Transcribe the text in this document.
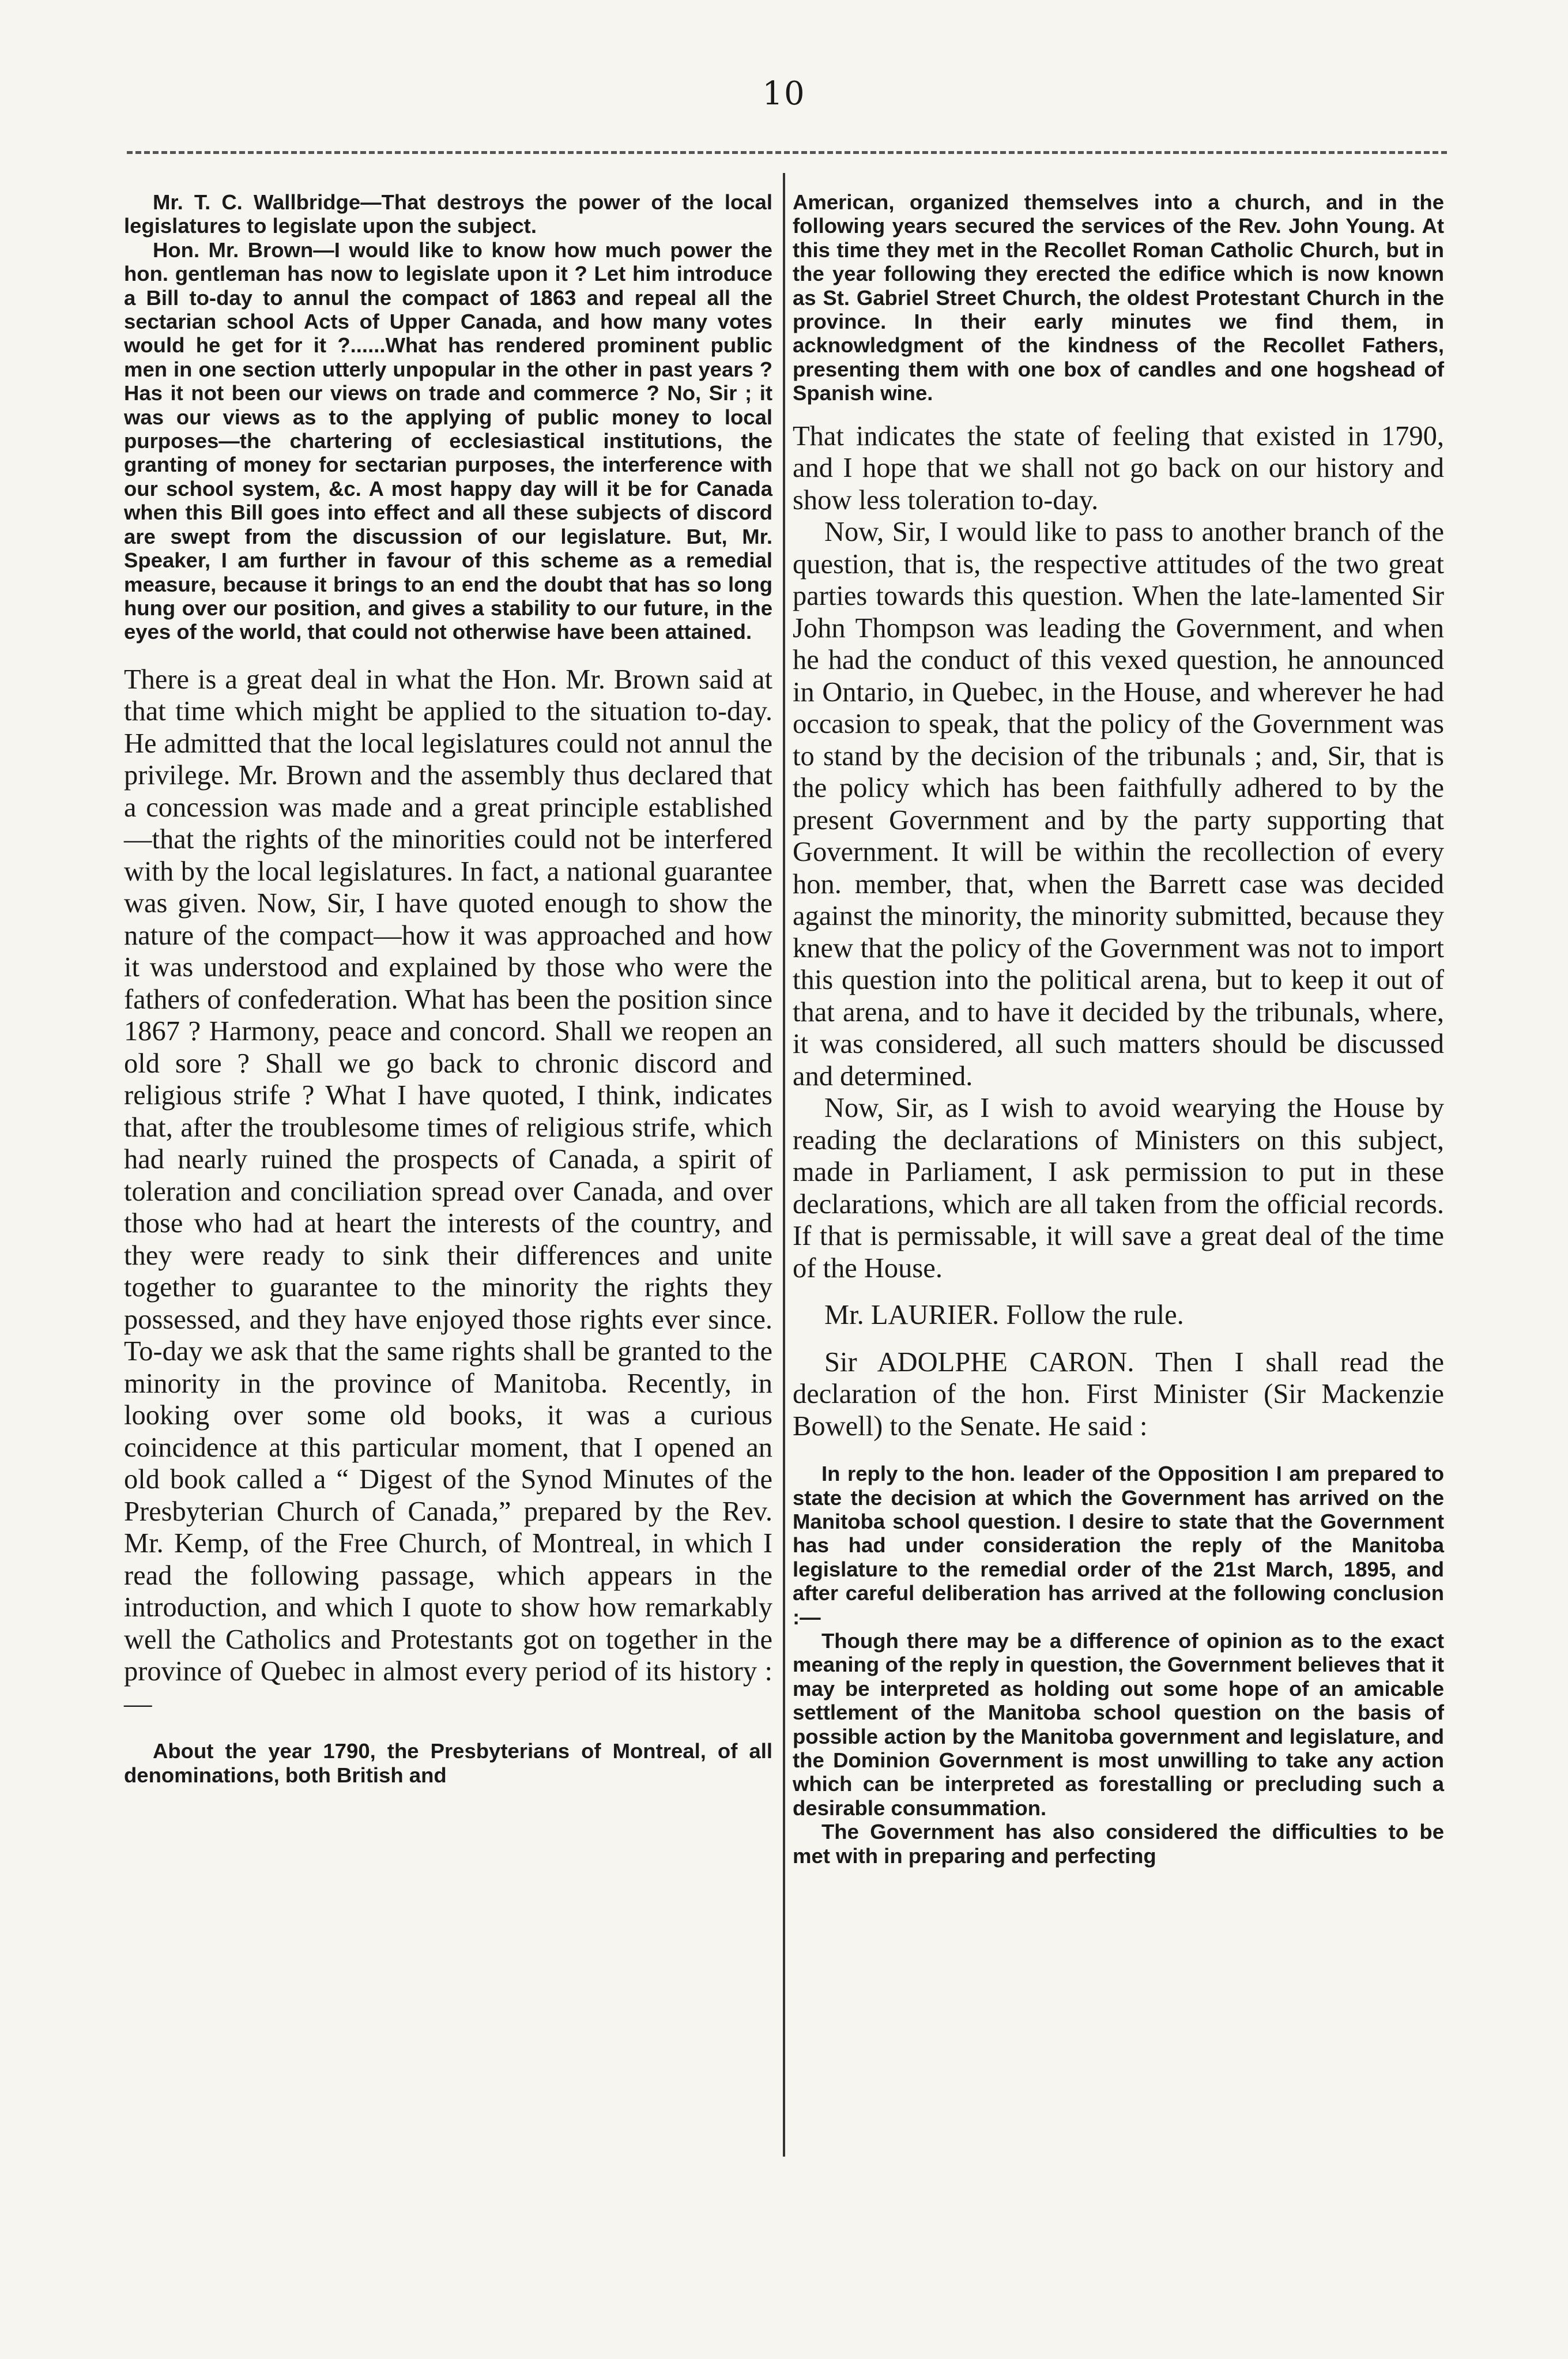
10

Mr. T. C. Wallbridge—That destroys the power of the local legislatures to legislate upon the subject.

Hon. Mr. Brown—I would like to know how much power the hon. gentleman has now to legislate upon it ? Let him introduce a Bill to-day to annul the compact of 1863 and repeal all the sectarian school Acts of Upper Canada, and how many votes would he get for it ?......What has rendered prominent public men in one section utterly unpopular in the other in past years ? Has it not been our views on trade and commerce ? No, Sir ; it was our views as to the applying of public money to local purposes—the chartering of ecclesiastical institutions, the granting of money for sectarian purposes, the interference with our school system, &c. A most happy day will it be for Canada when this Bill goes into effect and all these subjects of discord are swept from the discussion of our legislature. But, Mr. Speaker, I am further in favour of this scheme as a remedial measure, because it brings to an end the doubt that has so long hung over our position, and gives a stability to our future, in the eyes of the world, that could not otherwise have been attained.

There is a great deal in what the Hon. Mr. Brown said at that time which might be applied to the situation to-day. He admitted that the local legislatures could not annul the privilege. Mr. Brown and the assembly thus declared that a concession was made and a great principle established —that the rights of the minorities could not be interfered with by the local legislatures. In fact, a national guarantee was given. Now, Sir, I have quoted enough to show the nature of the compact—how it was approached and how it was understood and explained by those who were the fathers of confederation. What has been the position since 1867 ? Harmony, peace and concord. Shall we reopen an old sore ? Shall we go back to chronic discord and religious strife ? What I have quoted, I think, indicates that, after the troublesome times of religious strife, which had nearly ruined the prospects of Canada, a spirit of toleration and conciliation spread over Canada, and over those who had at heart the interests of the country, and they were ready to sink their differences and unite together to guarantee to the minority the rights they possessed, and they have enjoyed those rights ever since. To-day we ask that the same rights shall be granted to the minority in the province of Manitoba. Recently, in looking over some old books, it was a curious coincidence at this particular moment, that I opened an old book called a “ Digest of the Synod Minutes of the Presbyterian Church of Canada,” prepared by the Rev. Mr. Kemp, of the Free Church, of Montreal, in which I read the following passage, which appears in the introduction, and which I quote to show how remarkably well the Catholics and Protestants got on together in the province of Quebec in almost every period of its history :—

About the year 1790, the Presbyterians of Montreal, of all denominations, both British and

American, organized themselves into a church, and in the following years secured the services of the Rev. John Young. At this time they met in the Recollet Roman Catholic Church, but in the year following they erected the edifice which is now known as St. Gabriel Street Church, the oldest Protestant Church in the province. In their early minutes we find them, in acknowledgment of the kindness of the Recollet Fathers, presenting them with one box of candles and one hogshead of Spanish wine.

That indicates the state of feeling that existed in 1790, and I hope that we shall not go back on our history and show less toleration to-day.

Now, Sir, I would like to pass to another branch of the question, that is, the respective attitudes of the two great parties towards this question. When the late-lamented Sir John Thompson was leading the Government, and when he had the conduct of this vexed question, he announced in Ontario, in Quebec, in the House, and wherever he had occasion to speak, that the policy of the Government was to stand by the decision of the tribunals ; and, Sir, that is the policy which has been faithfully adhered to by the present Government and by the party supporting that Government. It will be within the recollection of every hon. member, that, when the Barrett case was decided against the minority, the minority submitted, because they knew that the policy of the Government was not to import this question into the political arena, but to keep it out of that arena, and to have it decided by the tribunals, where, it was considered, all such matters should be discussed and determined.

Now, Sir, as I wish to avoid wearying the House by reading the declarations of Ministers on this subject, made in Parliament, I ask permission to put in these declarations, which are all taken from the official records. If that is permissable, it will save a great deal of the time of the House.

Mr. LAURIER. Follow the rule.

Sir ADOLPHE CARON. Then I shall read the declaration of the hon. First Minister (Sir Mackenzie Bowell) to the Senate. He said :

In reply to the hon. leader of the Opposition I am prepared to state the decision at which the Government has arrived on the Manitoba school question. I desire to state that the Government has had under consideration the reply of the Manitoba legislature to the remedial order of the 21st March, 1895, and after careful deliberation has arrived at the following conclusion :—

Though there may be a difference of opinion as to the exact meaning of the reply in question, the Government believes that it may be interpreted as holding out some hope of an amicable settlement of the Manitoba school question on the basis of possible action by the Manitoba government and legislature, and the Dominion Government is most unwilling to take any action which can be interpreted as forestalling or precluding such a desirable consummation.

The Government has also considered the difficulties to be met with in preparing and perfecting
